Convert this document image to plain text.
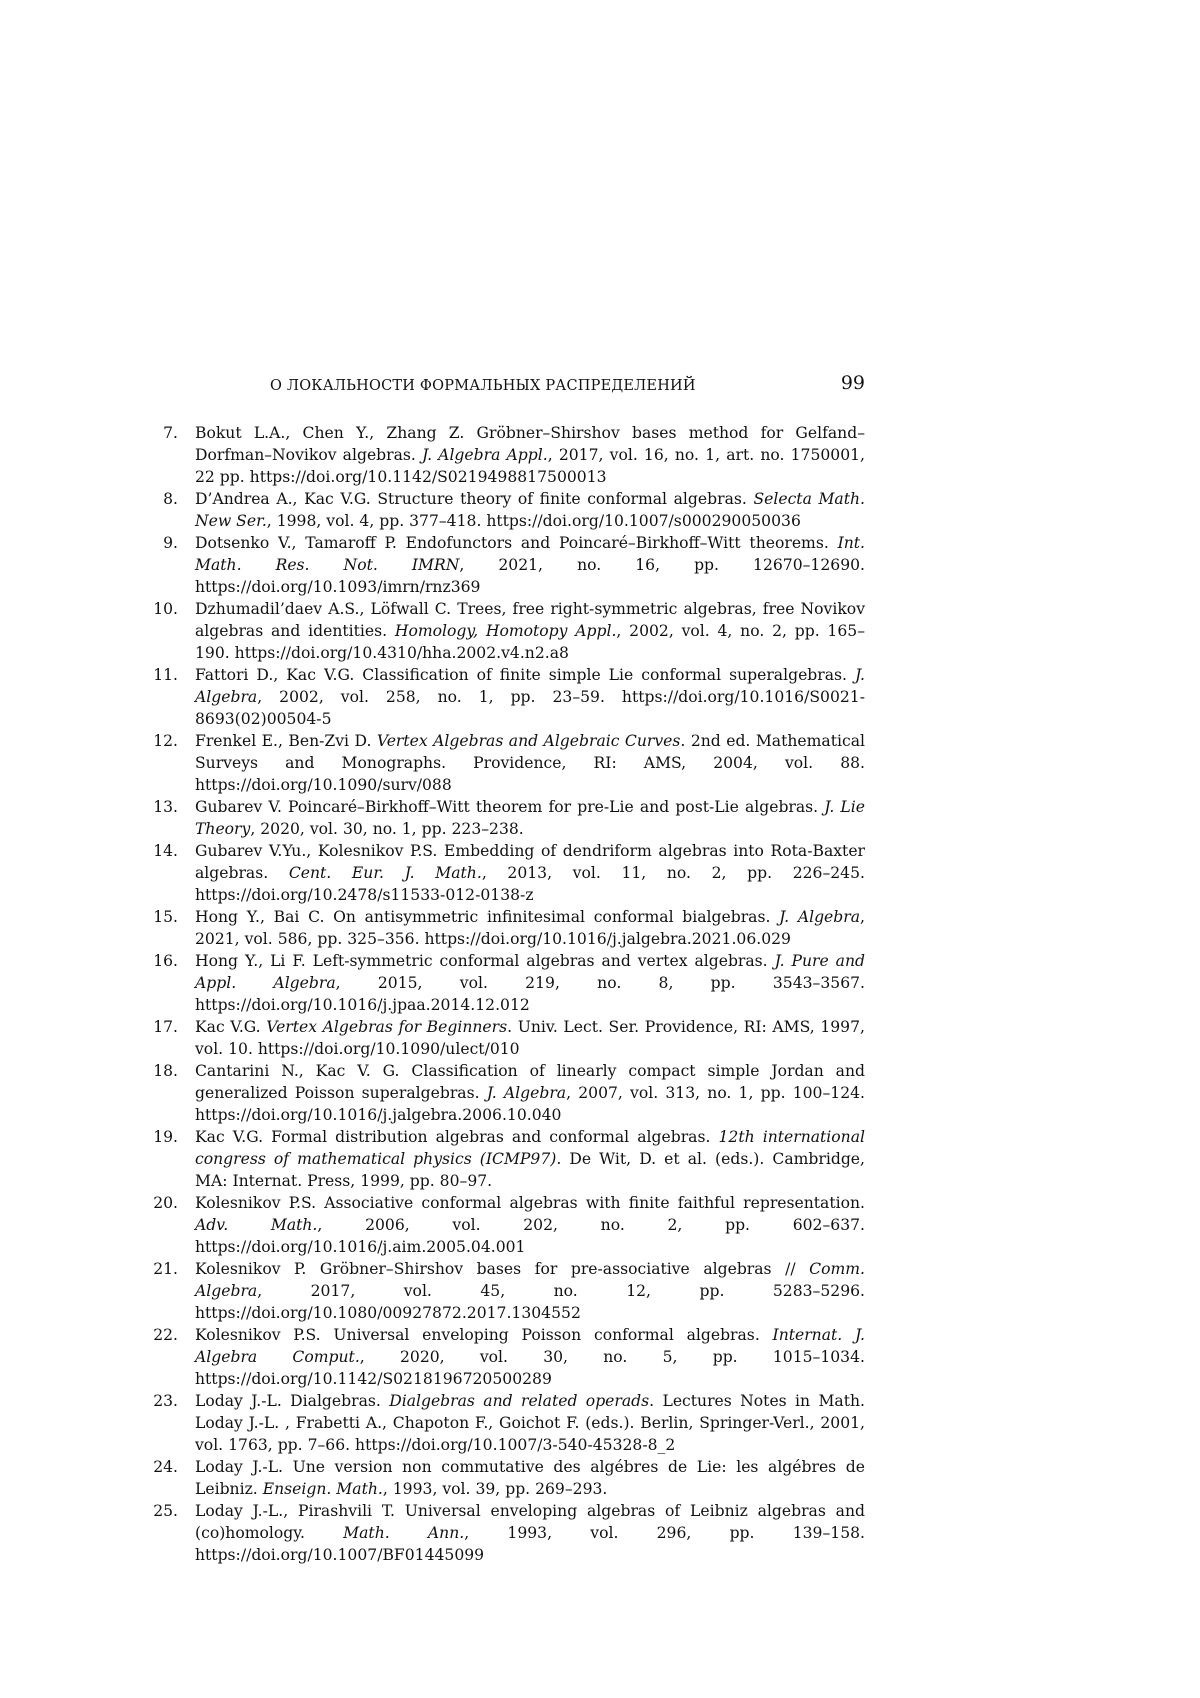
О ЛОКАЛЬНОСТИ ФОРМАЛЬНЫХ РАСПРЕДЕЛЕНИЙ	99
7. Bokut L.A., Chen Y., Zhang Z. Gröbner–Shirshov bases method for Gelfand–Dorfman–Novikov algebras. J. Algebra Appl., 2017, vol. 16, no. 1, art. no. 1750001, 22 pp. https://doi.org/10.1142/S0219498817500013
8. D’Andrea A., Kac V.G. Structure theory of finite conformal algebras. Selecta Math. New Ser., 1998, vol. 4, pp. 377–418. https://doi.org/10.1007/s000290050036
9. Dotsenko V., Tamaroff P. Endofunctors and Poincaré–Birkhoff–Witt theorems. Int. Math. Res. Not. IMRN, 2021, no. 16, pp. 12670–12690. https://doi.org/10.1093/imrn/rnz369
10. Dzhumadil’daev A.S., Löfwall C. Trees, free right-symmetric algebras, free Novikov algebras and identities. Homology, Homotopy Appl., 2002, vol. 4, no. 2, pp. 165–190. https://doi.org/10.4310/hha.2002.v4.n2.a8
11. Fattori D., Kac V.G. Classification of finite simple Lie conformal superalgebras. J. Algebra, 2002, vol. 258, no. 1, pp. 23–59. https://doi.org/10.1016/S0021-8693(02)00504-5
12. Frenkel E., Ben-Zvi D. Vertex Algebras and Algebraic Curves. 2nd ed. Mathematical Surveys and Monographs. Providence, RI: AMS, 2004, vol. 88. https://doi.org/10.1090/surv/088
13. Gubarev V. Poincaré–Birkhoff–Witt theorem for pre-Lie and post-Lie algebras. J. Lie Theory, 2020, vol. 30, no. 1, pp. 223–238.
14. Gubarev V.Yu., Kolesnikov P.S. Embedding of dendriform algebras into Rota-Baxter algebras. Cent. Eur. J. Math., 2013, vol. 11, no. 2, pp. 226–245. https://doi.org/10.2478/s11533-012-0138-z
15. Hong Y., Bai C. On antisymmetric infinitesimal conformal bialgebras. J. Algebra, 2021, vol. 586, pp. 325–356. https://doi.org/10.1016/j.jalgebra.2021.06.029
16. Hong Y., Li F. Left-symmetric conformal algebras and vertex algebras. J. Pure and Appl. Algebra, 2015, vol. 219, no. 8, pp. 3543–3567. https://doi.org/10.1016/j.jpaa.2014.12.012
17. Kac V.G. Vertex Algebras for Beginners. Univ. Lect. Ser. Providence, RI: AMS, 1997, vol. 10. https://doi.org/10.1090/ulect/010
18. Cantarini N., Kac V. G. Classification of linearly compact simple Jordan and generalized Poisson superalgebras. J. Algebra, 2007, vol. 313, no. 1, pp. 100–124. https://doi.org/10.1016/j.jalgebra.2006.10.040
19. Kac V.G. Formal distribution algebras and conformal algebras. 12th international congress of mathematical physics (ICMP97). De Wit, D. et al. (eds.). Cambridge, MA: Internat. Press, 1999, pp. 80–97.
20. Kolesnikov P.S. Associative conformal algebras with finite faithful representation. Adv. Math., 2006, vol. 202, no. 2, pp. 602–637. https://doi.org/10.1016/j.aim.2005.04.001
21. Kolesnikov P. Gröbner–Shirshov bases for pre-associative algebras // Comm. Algebra, 2017, vol. 45, no. 12, pp. 5283–5296. https://doi.org/10.1080/00927872.2017.1304552
22. Kolesnikov P.S. Universal enveloping Poisson conformal algebras. Internat. J. Algebra Comput., 2020, vol. 30, no. 5, pp. 1015–1034. https://doi.org/10.1142/S0218196720500289
23. Loday J.-L. Dialgebras. Dialgebras and related operads. Lectures Notes in Math. Loday J.-L. , Frabetti A., Chapoton F., Goichot F. (eds.). Berlin, Springer-Verl., 2001, vol. 1763, pp. 7–66. https://doi.org/10.1007/3-540-45328-8_2
24. Loday J.-L. Une version non commutative des algébres de Lie: les algébres de Leibniz. Enseign. Math., 1993, vol. 39, pp. 269–293.
25. Loday J.-L., Pirashvili T. Universal enveloping algebras of Leibniz algebras and (co)homology. Math. Ann., 1993, vol. 296, pp. 139–158. https://doi.org/10.1007/BF01445099
